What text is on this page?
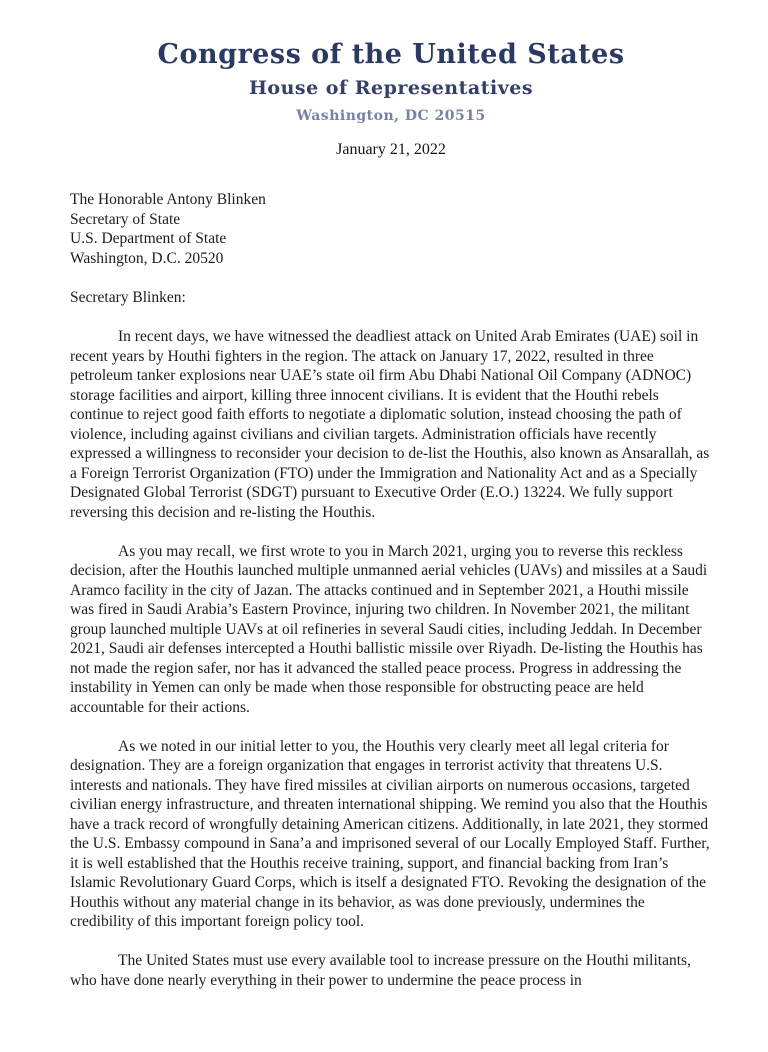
Congress of the United States
House of Representatives
Washington, DC 20515
January 21, 2022
The Honorable Antony Blinken
Secretary of State
U.S. Department of State
Washington, D.C. 20520
Secretary Blinken:

In recent days, we have witnessed the deadliest attack on United Arab Emirates (UAE) soil in recent years by Houthi fighters in the region. The attack on January 17, 2022, resulted in three petroleum tanker explosions near UAE’s state oil firm Abu Dhabi National Oil Company (ADNOC) storage facilities and airport, killing three innocent civilians. It is evident that the Houthi rebels continue to reject good faith efforts to negotiate a diplomatic solution, instead choosing the path of violence, including against civilians and civilian targets. Administration officials have recently expressed a willingness to reconsider your decision to de-list the Houthis, also known as Ansarallah, as a Foreign Terrorist Organization (FTO) under the Immigration and Nationality Act and as a Specially Designated Global Terrorist (SDGT) pursuant to Executive Order (E.O.) 13224. We fully support reversing this decision and re-listing the Houthis.

As you may recall, we first wrote to you in March 2021, urging you to reverse this reckless decision, after the Houthis launched multiple unmanned aerial vehicles (UAVs) and missiles at a Saudi Aramco facility in the city of Jazan. The attacks continued and in September 2021, a Houthi missile was fired in Saudi Arabia’s Eastern Province, injuring two children. In November 2021, the militant group launched multiple UAVs at oil refineries in several Saudi cities, including Jeddah. In December 2021, Saudi air defenses intercepted a Houthi ballistic missile over Riyadh. De-listing the Houthis has not made the region safer, nor has it advanced the stalled peace process. Progress in addressing the instability in Yemen can only be made when those responsible for obstructing peace are held accountable for their actions.

As we noted in our initial letter to you, the Houthis very clearly meet all legal criteria for designation. They are a foreign organization that engages in terrorist activity that threatens U.S. interests and nationals. They have fired missiles at civilian airports on numerous occasions, targeted civilian energy infrastructure, and threaten international shipping. We remind you also that the Houthis have a track record of wrongfully detaining American citizens. Additionally, in late 2021, they stormed the U.S. Embassy compound in Sana’a and imprisoned several of our Locally Employed Staff. Further, it is well established that the Houthis receive training, support, and financial backing from Iran’s Islamic Revolutionary Guard Corps, which is itself a designated FTO. Revoking the designation of the Houthis without any material change in its behavior, as was done previously, undermines the credibility of this important foreign policy tool.

The United States must use every available tool to increase pressure on the Houthi militants, who have done nearly everything in their power to undermine the peace process in
